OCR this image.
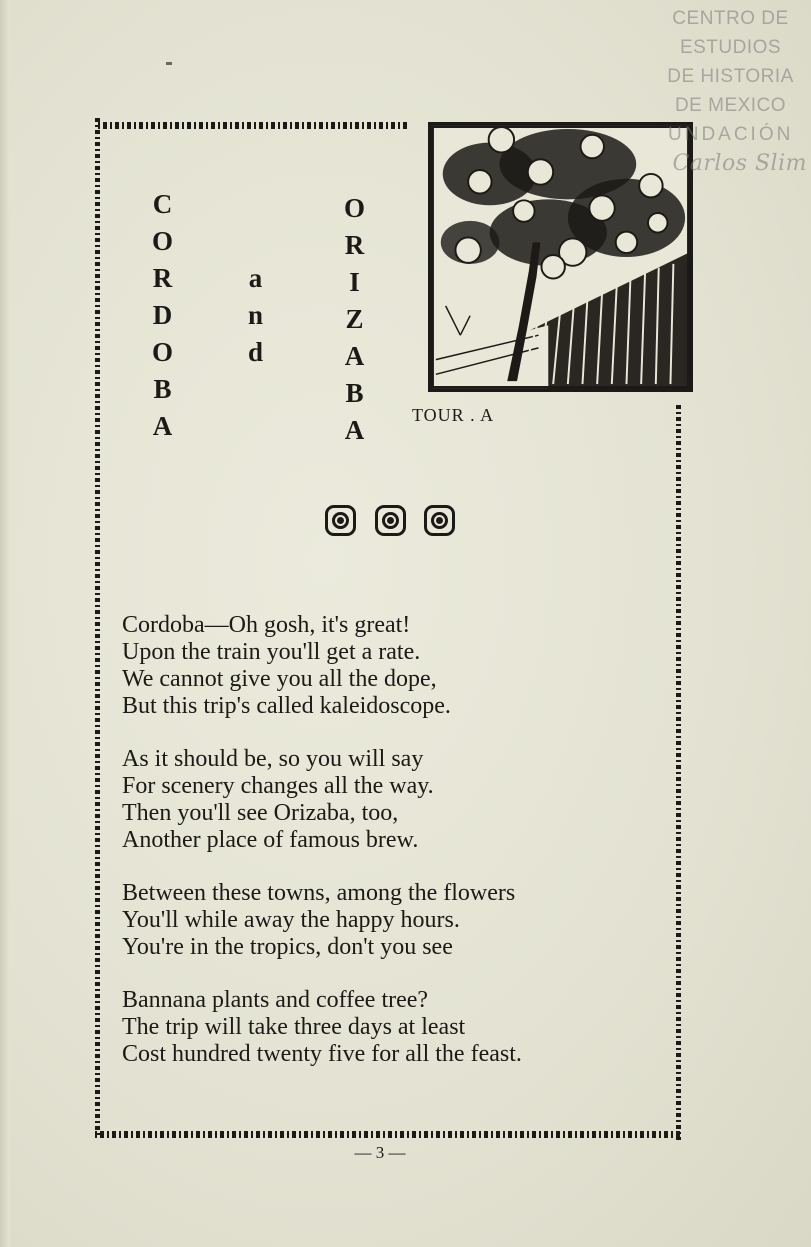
C
O
R
D
O
B
A
a
n
d
O
R
I
Z
A
B
A	TOUR . A
Cordoba—Oh gosh, it's great!
Upon the train you'll get a rate.
We cannot give you all the dope,
But this trip's called kaleidoscope.
As it should be, so you will say
For scenery changes all the way.
Then you'll see Orizaba, too,
Another place of famous brew.
Between these towns, among the flowers
You'll while away the happy hours.
You're in the tropics, don't you see
Bannana plants and coffee tree?
The trip will take three days at least
Cost hundred twenty five for all the feast.
— 3 —
CENTRO DE
ESTUDIOS
DE HISTORIA
DE MEXICO
UNDACIÓN
Carlos Slim
